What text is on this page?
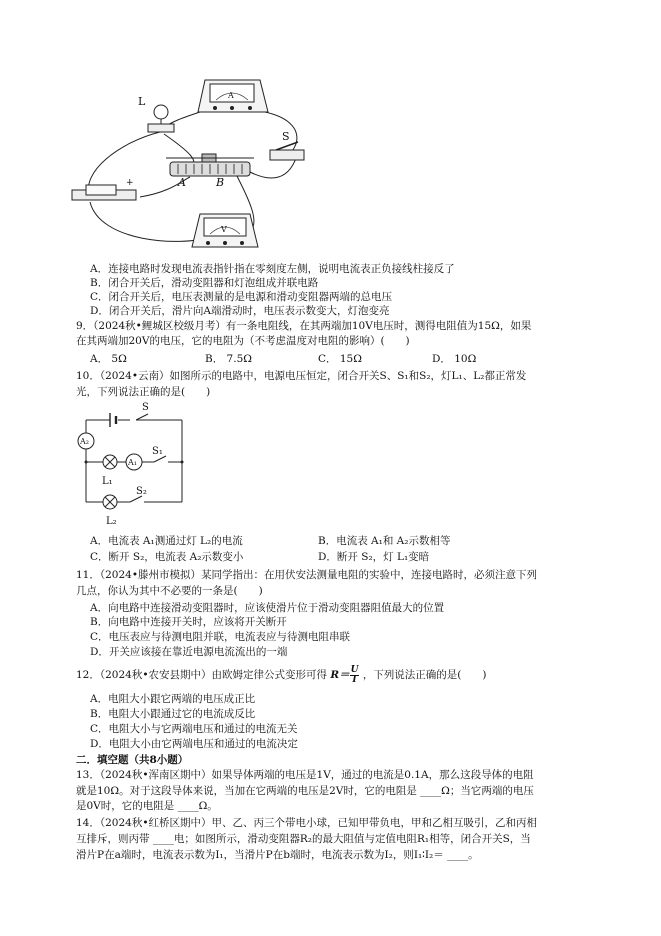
L	A
S
A	B
+
V
A．连接电路时发现电流表指针指在零刻度左侧，说明电流表正负接线柱接反了
B．闭合开关后，滑动变阻器和灯泡组成并联电路
C．闭合开关后，电压表测量的是电源和滑动变阻器两端的总电压
D．闭合开关后，滑片向A端滑动时，电压表示数变大，灯泡变亮
9．（2024秋•鲤城区校级月考）有一条电阻线，在其两端加10V电压时，测得电阻值为15Ω，如果
在其两端加20V的电压，它的电阻为（不考虑温度对电阻的影响）(　　)
A． 5Ω	B． 7.5Ω	C． 15Ω	D． 10Ω
10．（2024•云南）如图所示的电路中，电源电压恒定，闭合开关S、S₁和S₂，灯L₁、L₂都正常发
光，下列说法正确的是(　　)
S
A₂
A₁
S₁
L₁
S₂
L₂
A．电流表 A₁测通过灯 L₂的电流	B．电流表 A₁和 A₂示数相等
C．断开 S₂，电流表 A₂示数变小	D．断开 S₂，灯 L₁变暗
11．（2024•滕州市模拟）某同学指出：在用伏安法测量电阻的实验中，连接电路时，必须注意下列
几点，你认为其中不必要的一条是(　　)
A．向电路中连接滑动变阻器时，应该使滑片位于滑动变阻器阻值最大的位置
B．向电路中连接开关时，应该将开关断开
C．电压表应与待测电阻并联，电流表应与待测电阻串联
D．开关应该接在靠近电源电流流出的一端
12．（2024秋•农安县期中）由欧姆定律公式变形可得 $R= \frac{U}{I}$ ，下列说法正确的是(　　)
A．电阻大小跟它两端的电压成正比
B．电阻大小跟通过它的电流成反比
C．电阻大小与它两端电压和通过的电流无关
D．电阻大小由它两端电压和通过的电流决定
二．填空题（共8小题）
13．（2024秋•浑南区期中）如果导体两端的电压是1V，通过的电流是0.1A，那么这段导体的电阻
就是10Ω。对于这段导体来说，当加在它两端的电压是2V时，它的电阻是 ____Ω；当它两端的电压
是0V时，它的电阻是 ____Ω。
14．（2024秋•红桥区期中）甲、乙、丙三个带电小球，已知甲带负电，甲和乙相互吸引，乙和丙相
互排斥，则丙带 ____电；如图所示，滑动变阻器R₂的最大阻值与定值电阻R₁相等，闭合开关S，当
滑片P在a端时，电流表示数为I₁，当滑片P在b端时，电流表示数为I₂，则I₁∶I₂＝ ____。
